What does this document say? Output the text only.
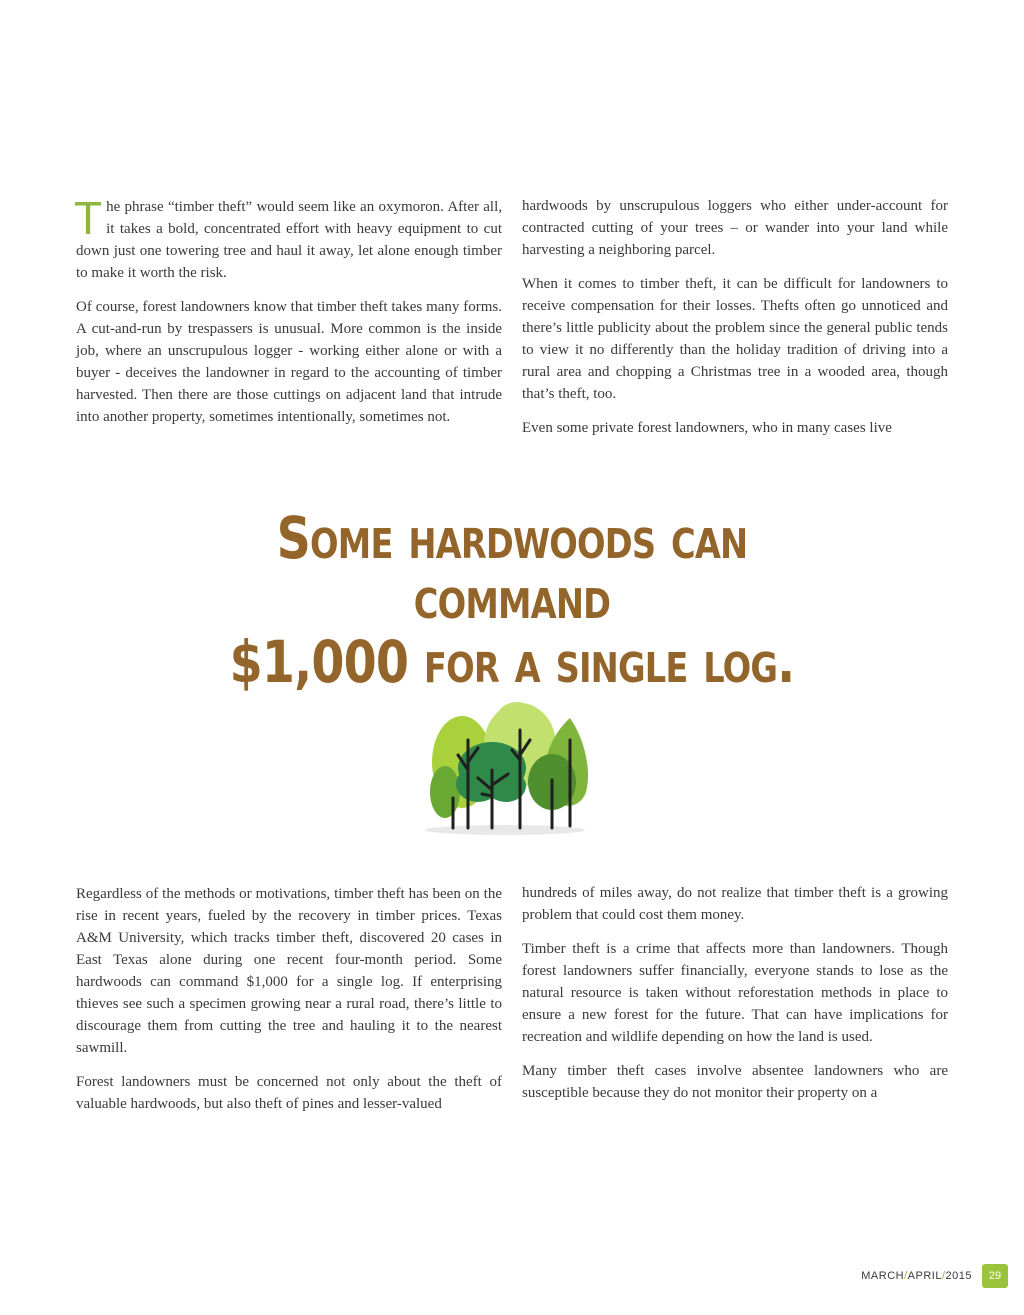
The phrase “timber theft” would seem like an oxymoron. After all, it takes a bold, concentrated effort with heavy equipment to cut down just one towering tree and haul it away, let alone enough timber to make it worth the risk.

Of course, forest landowners know that timber theft takes many forms. A cut-and-run by trespassers is unusual. More common is the inside job, where an unscrupulous logger - working either alone or with a buyer - deceives the landowner in regard to the accounting of timber harvested. Then there are those cuttings on adjacent land that intrude into another property, sometimes intentionally, sometimes not.

hardwoods by unscrupulous loggers who either under-account for contracted cutting of your trees – or wander into your land while harvesting a neighboring parcel.

When it comes to timber theft, it can be difficult for landowners to receive compensation for their losses. Thefts often go unnoticed and there’s little publicity about the problem since the general public tends to view it no differently than the holiday tradition of driving into a rural area and chopping a Christmas tree in a wooded area, though that’s theft, too.

Even some private forest landowners, who in many cases live

Some hardwoods can command
$1,000 for a single log.
MARCH/APRIL/2015	29

Regardless of the methods or motivations, timber theft has been on the rise in recent years, fueled by the recovery in timber prices. Texas A&M University, which tracks timber theft, discovered 20 cases in East Texas alone during one recent four-month period. Some hardwoods can command $1,000 for a single log. If enterprising thieves see such a specimen growing near a rural road, there’s little to discourage them from cutting the tree and hauling it to the nearest sawmill.

Forest landowners must be concerned not only about the theft of valuable hardwoods, but also theft of pines and lesser-valued

hundreds of miles away, do not realize that timber theft is a growing problem that could cost them money.

Timber theft is a crime that affects more than landowners. Though forest landowners suffer financially, everyone stands to lose as the natural resource is taken without reforestation methods in place to ensure a new forest for the future. That can have implications for recreation and wildlife depending on how the land is used.

Many timber theft cases involve absentee landowners who are susceptible because they do not monitor their property on a
